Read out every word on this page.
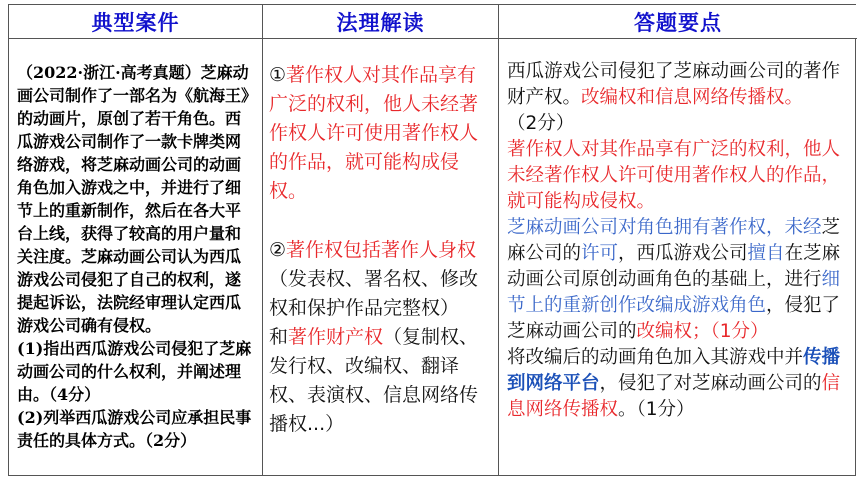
典型案件	法理解读	答题要点
（2022·浙江·高考真题）芝麻动画公司制作了一部名为《航海王》的动画片，原创了若干角色。西瓜游戏公司制作了一款卡牌类网络游戏，将芝麻动画公司的动画角色加入游戏之中，并进行了细节上的重新制作，然后在各大平台上线，获得了较高的用户量和关注度。芝麻动画公司认为西瓜游戏公司侵犯了自己的权利，遂提起诉讼，法院经审理认定西瓜游戏公司确有侵权。
(1)指出西瓜游戏公司侵犯了芝麻动画公司的什么权利，并阐述理由。（4分）
(2)列举西瓜游戏公司应承担民事责任的具体方式。（2分）
①著作权人对其作品享有广泛的权利，他人未经著作权人许可使用著作权人的作品，就可能构成侵权。
②著作权包括著作人身权（发表权、署名权、修改权和保护作品完整权）
和著作财产权（复制权、发行权、改编权、翻译权、表演权、信息网络传播权...）
西瓜游戏公司侵犯了芝麻动画公司的著作财产权。改编权和信息网络传播权。（2分）
著作权人对其作品享有广泛的权利，他人未经著作权人许可使用著作权人的作品，就可能构成侵权。
芝麻动画公司对角色拥有著作权，未经芝麻公司的许可，西瓜游戏公司擅自在芝麻动画公司原创动画角色的基础上，进行细节上的重新创作改编成游戏角色，侵犯了芝麻动画公司的改编权；（1分）
将改编后的动画角色加入其游戏中并传播到网络平台，侵犯了对芝麻动画公司的信息网络传播权。（1分）
